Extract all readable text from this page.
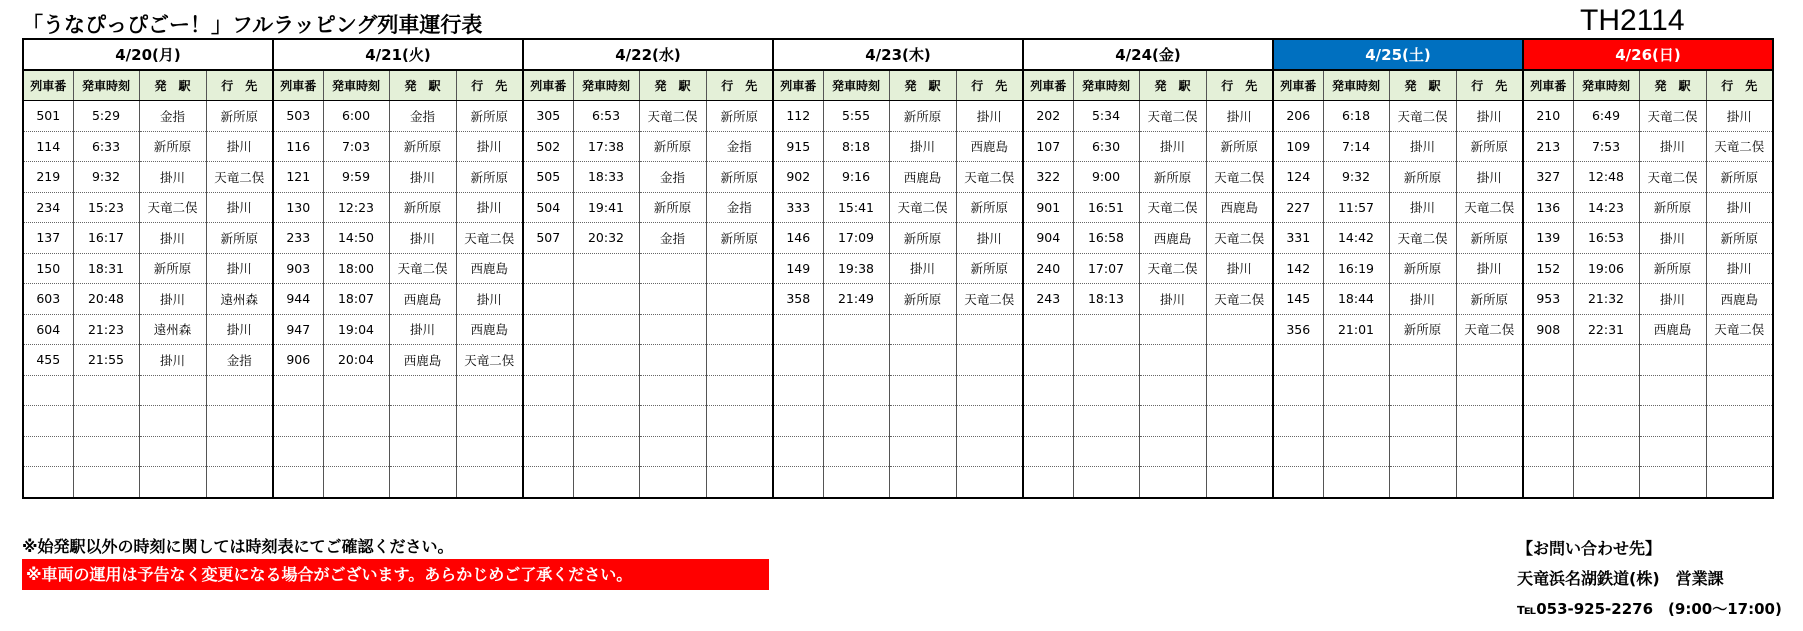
「うなぴっぴごー！」フルラッピング列車運行表	TH2114
4/20(月)				4/21(火)				4/22(水)				4/23(木)				4/24(金)				4/25(土)				4/26(日)			
列車番	発車時刻	発　駅	行　先	列車番	発車時刻	発　駅	行　先	列車番	発車時刻	発　駅	行　先	列車番	発車時刻	発　駅	行　先	列車番	発車時刻	発　駅	行　先	列車番	発車時刻	発　駅	行　先	列車番	発車時刻	発　駅	行　先
501	5:29	金指	新所原	503	6:00	金指	新所原	305	6:53	天竜二俣	新所原	112	5:55	新所原	掛川	202	5:34	天竜二俣	掛川	206	6:18	天竜二俣	掛川	210	6:49	天竜二俣	掛川
114	6:33	新所原	掛川	116	7:03	新所原	掛川	502	17:38	新所原	金指	915	8:18	掛川	西鹿島	107	6:30	掛川	新所原	109	7:14	掛川	新所原	213	7:53	掛川	天竜二俣
219	9:32	掛川	天竜二俣	121	9:59	掛川	新所原	505	18:33	金指	新所原	902	9:16	西鹿島	天竜二俣	322	9:00	新所原	天竜二俣	124	9:32	新所原	掛川	327	12:48	天竜二俣	新所原
234	15:23	天竜二俣	掛川	130	12:23	新所原	掛川	504	19:41	新所原	金指	333	15:41	天竜二俣	新所原	901	16:51	天竜二俣	西鹿島	227	11:57	掛川	天竜二俣	136	14:23	新所原	掛川
137	16:17	掛川	新所原	233	14:50	掛川	天竜二俣	507	20:32	金指	新所原	146	17:09	新所原	掛川	904	16:58	西鹿島	天竜二俣	331	14:42	天竜二俣	新所原	139	16:53	掛川	新所原
150	18:31	新所原	掛川	903	18:00	天竜二俣	西鹿島					149	19:38	掛川	新所原	240	17:07	天竜二俣	掛川	142	16:19	新所原	掛川	152	19:06	新所原	掛川
603	20:48	掛川	遠州森	944	18:07	西鹿島	掛川					358	21:49	新所原	天竜二俣	243	18:13	掛川	天竜二俣	145	18:44	掛川	新所原	953	21:32	掛川	西鹿島
604	21:23	遠州森	掛川	947	19:04	掛川	西鹿島													356	21:01	新所原	天竜二俣	908	22:31	西鹿島	天竜二俣
455	21:55	掛川	金指	906	20:04	西鹿島	天竜二俣																				

※始発駅以外の時刻に関しては時刻表にてご確認ください。
※車両の運用は予告なく変更になる場合がございます。あらかじめご了承ください。
【お問い合わせ先】
天竜浜名湖鉄道(株)　営業課
℡053-925-2276　(9:00～17:00)
